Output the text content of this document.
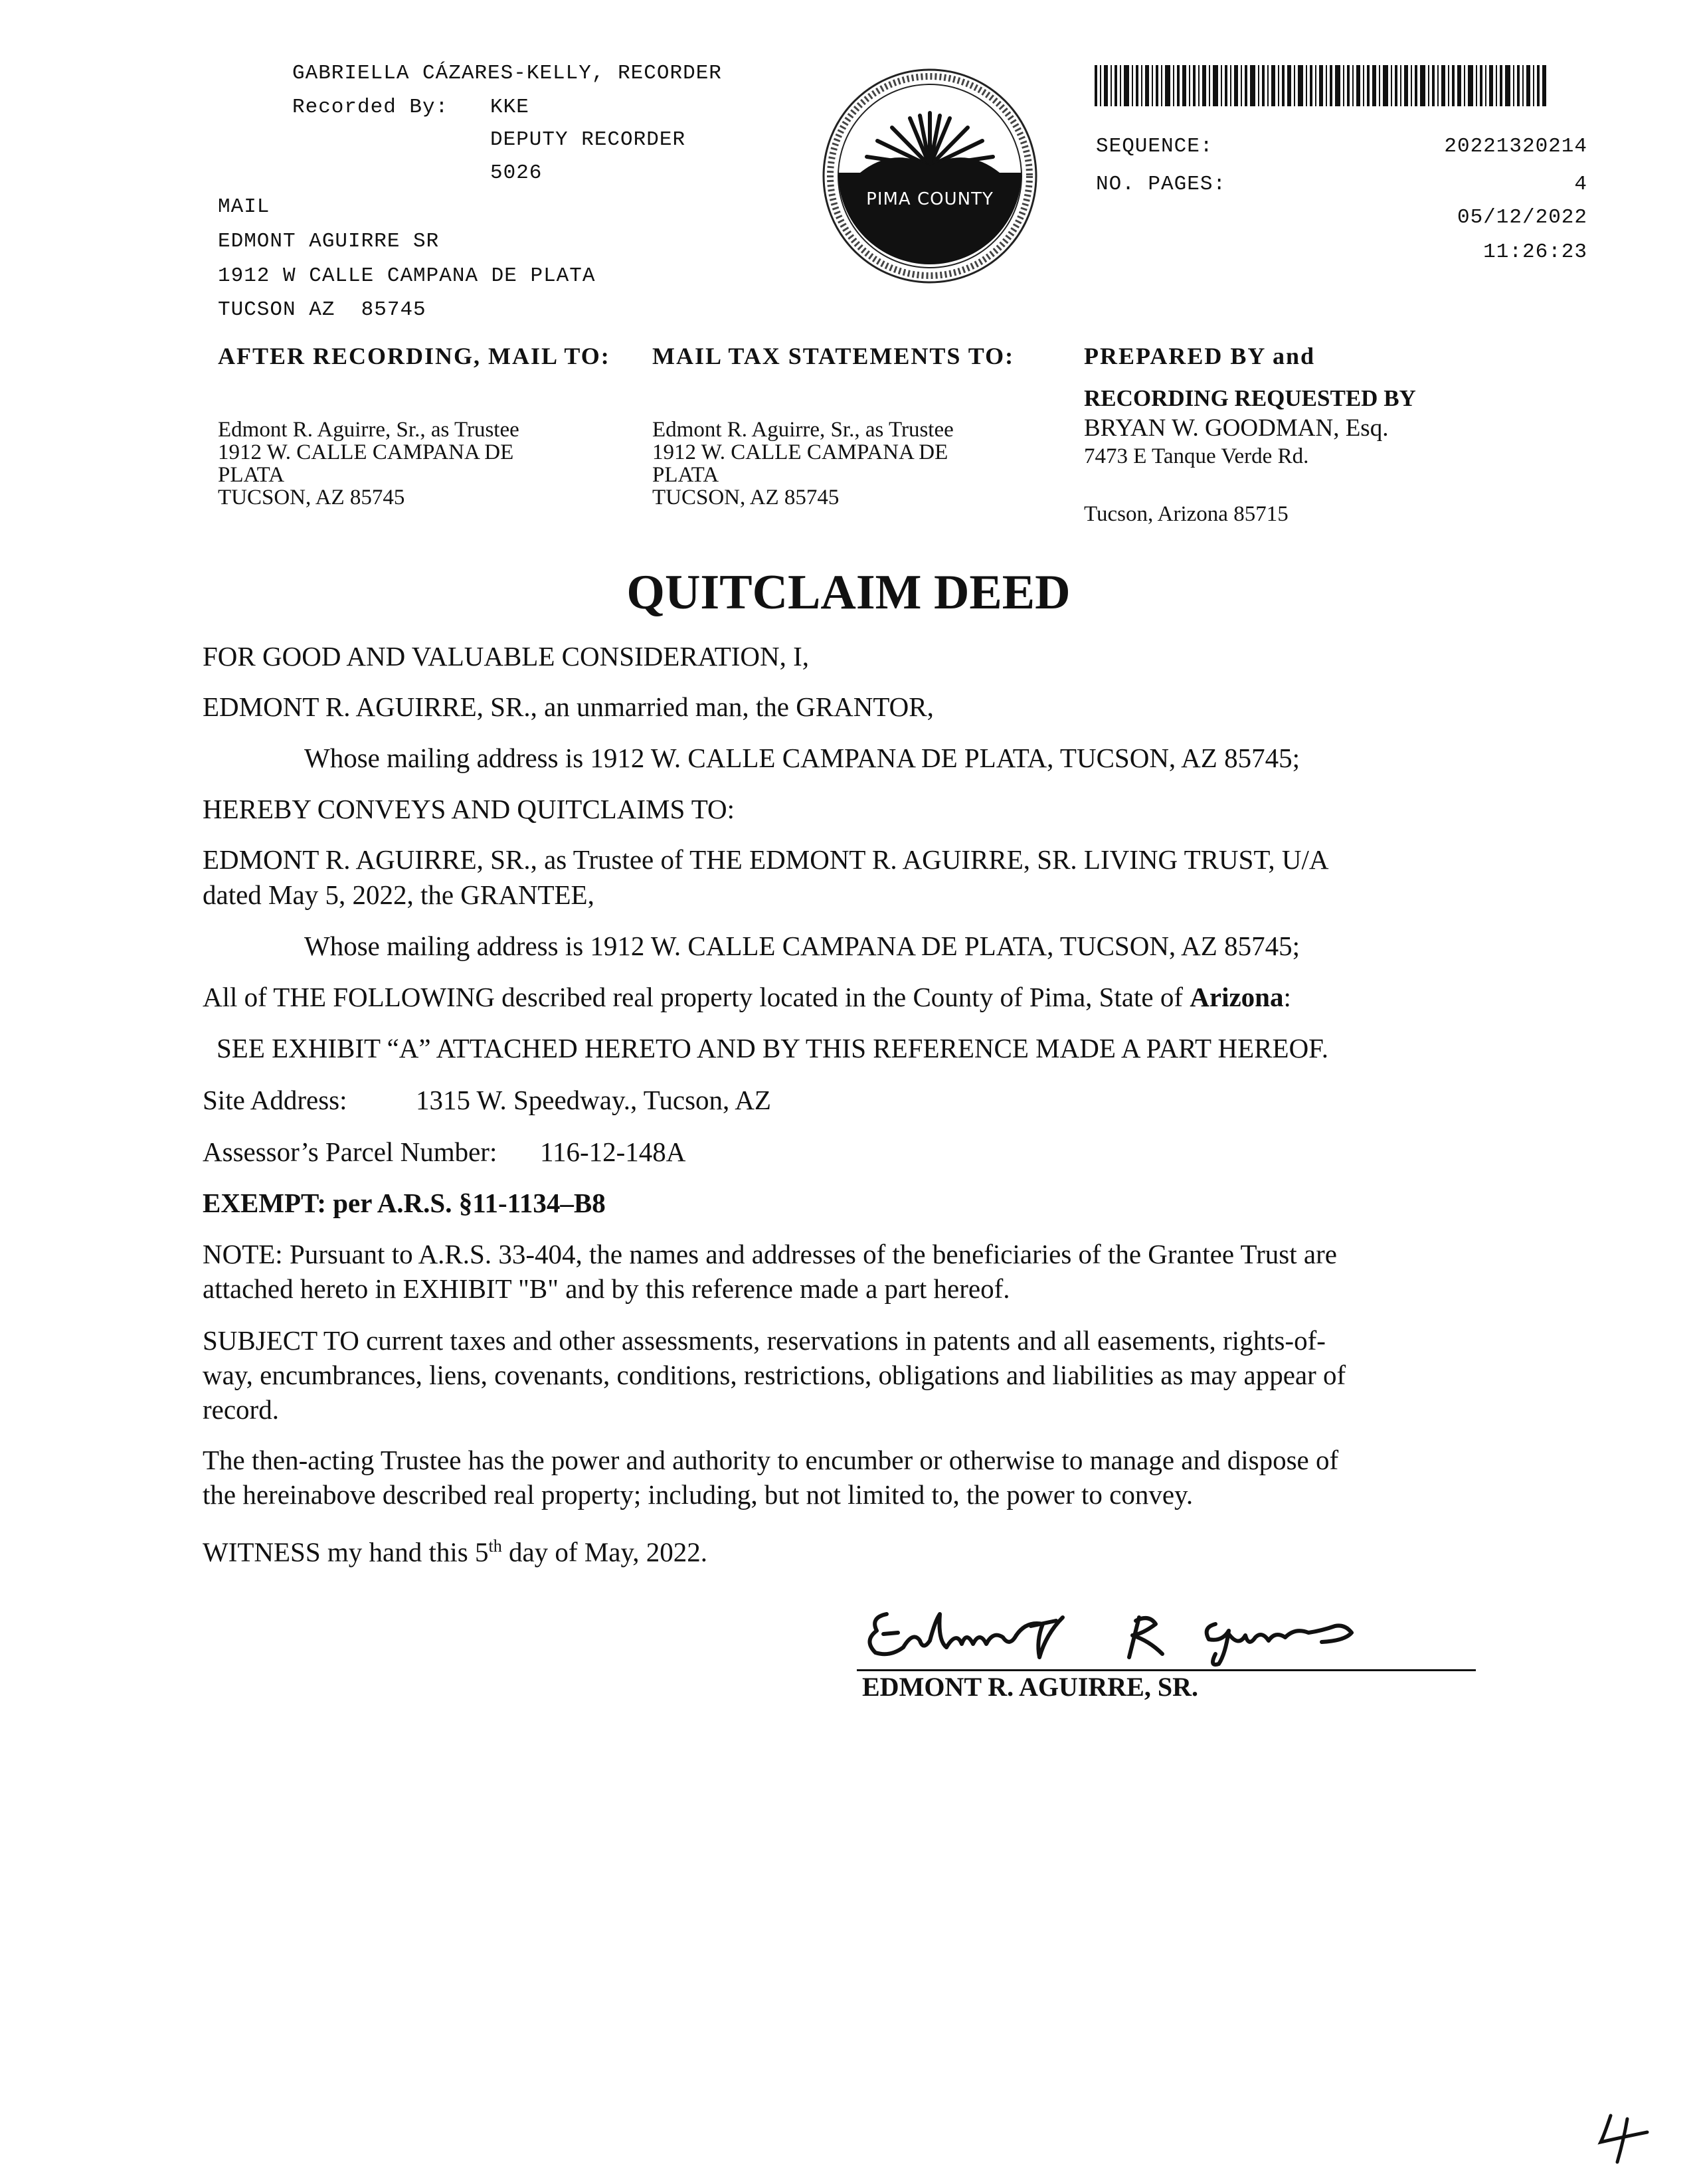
GABRIELLA CÁZARES-KELLY, RECORDER
Recorded By: KKE
DEPUTY RECORDER
5026
MAIL
EDMONT AGUIRRE SR
1912 W CALLE CAMPANA DE PLATA
TUCSON AZ  85745
PIMA COUNTY
SEQUENCE:	20221320214
NO. PAGES:	4
05/12/2022
11:26:23
AFTER RECORDING, MAIL TO:
Edmont R. Aguirre, Sr., as Trustee
1912 W. CALLE CAMPANA DE
PLATA
TUCSON, AZ 85745
MAIL TAX STATEMENTS TO:
Edmont R. Aguirre, Sr., as Trustee
1912 W. CALLE CAMPANA DE
PLATA
TUCSON, AZ 85745
PREPARED BY and
RECORDING REQUESTED BY
BRYAN W. GOODMAN, Esq.
7473 E Tanque Verde Rd.
Tucson, Arizona 85715
QUITCLAIM DEED
FOR GOOD AND VALUABLE CONSIDERATION, I,
EDMONT R. AGUIRRE, SR., an unmarried man, the GRANTOR,
Whose mailing address is 1912 W. CALLE CAMPANA DE PLATA, TUCSON, AZ 85745;
HEREBY CONVEYS AND QUITCLAIMS TO:
EDMONT R. AGUIRRE, SR., as Trustee of THE EDMONT R. AGUIRRE, SR. LIVING TRUST, U/A
dated May 5, 2022, the GRANTEE,
Whose mailing address is 1912 W. CALLE CAMPANA DE PLATA, TUCSON, AZ 85745;
All of THE FOLLOWING described real property located in the County of Pima, State of Arizona:
SEE EXHIBIT “A” ATTACHED HERETO AND BY THIS REFERENCE MADE A PART HEREOF.
Site Address:	1315 W. Speedway., Tucson, AZ
Assessor’s Parcel Number: 116-12-148A
EXEMPT: per A.R.S. §11-1134–B8
NOTE: Pursuant to A.R.S. 33-404, the names and addresses of the beneficiaries of the Grantee Trust are
attached hereto in EXHIBIT "B" and by this reference made a part hereof.
SUBJECT TO current taxes and other assessments, reservations in patents and all easements, rights-of-
way, encumbrances, liens, covenants, conditions, restrictions, obligations and liabilities as may appear of
record.
The then-acting Trustee has the power and authority to encumber or otherwise to manage and dispose of
the hereinabove described real property; including, but not limited to, the power to convey.
WITNESS my hand this 5th day of May, 2022.
EDMONT R. AGUIRRE, SR.
